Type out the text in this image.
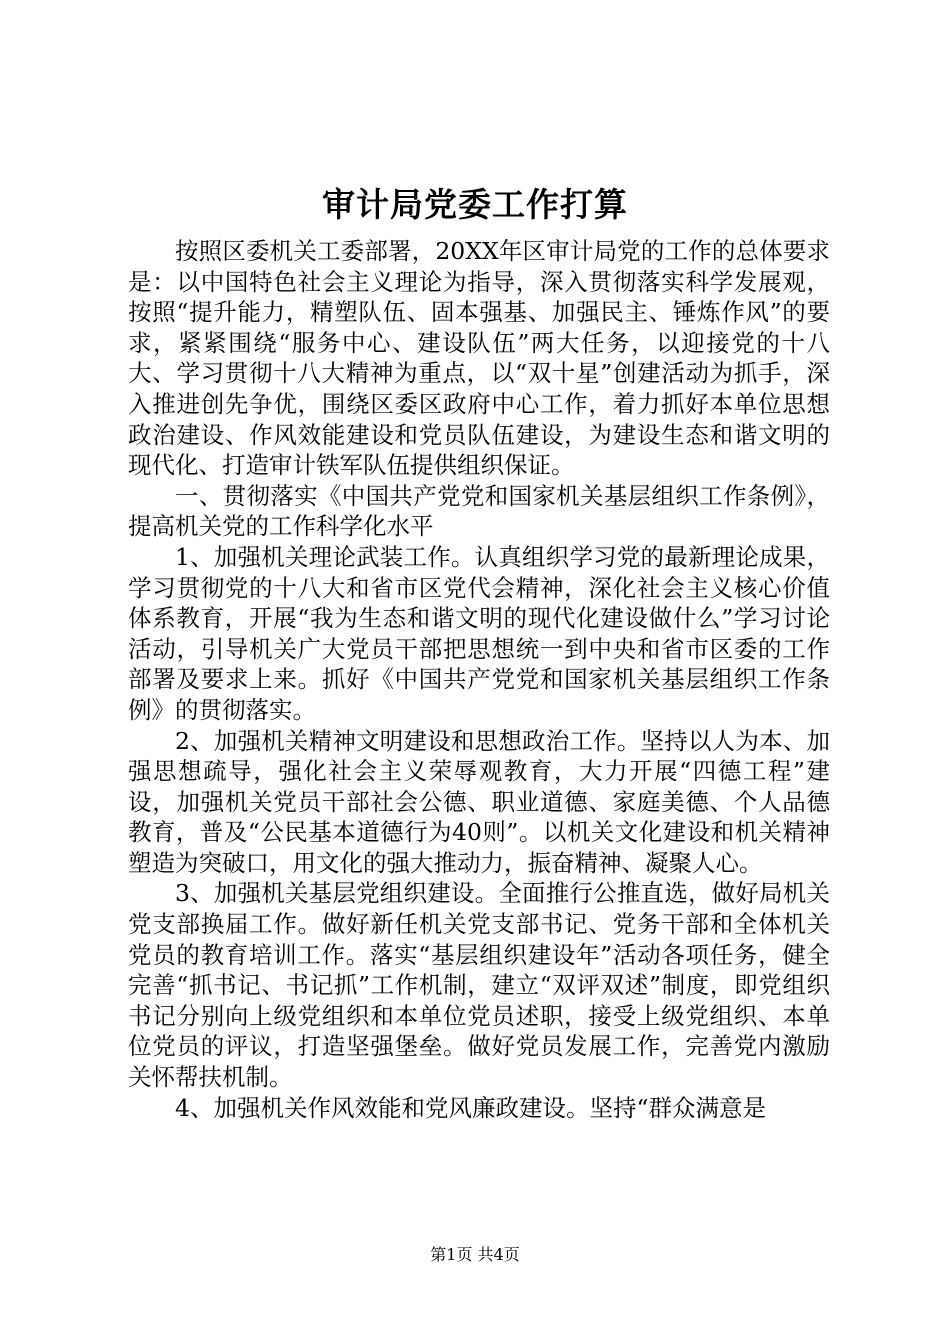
审计局党委工作打算

按照区委机关工委部署，20XX年区审计局党的工作的总体要求是：以中国特色社会主义理论为指导，深入贯彻落实科学发展观，按照“提升能力，精塑队伍、固本强基、加强民主、锤炼作风”的要求，紧紧围绕“服务中心、建设队伍”两大任务，以迎接党的十八大、学习贯彻十八大精神为重点，以“双十星”创建活动为抓手，深入推进创先争优，围绕区委区政府中心工作，着力抓好本单位思想政治建设、作风效能建设和党员队伍建设，为建设生态和谐文明的现代化、打造审计铁军队伍提供组织保证。

一、贯彻落实《中国共产党党和国家机关基层组织工作条例》，提高机关党的工作科学化水平

1、加强机关理论武装工作。认真组织学习党的最新理论成果，学习贯彻党的十八大和省市区党代会精神，深化社会主义核心价值体系教育，开展“我为生态和谐文明的现代化建设做什么”学习讨论活动，引导机关广大党员干部把思想统一到中央和省市区委的工作部署及要求上来。抓好《中国共产党党和国家机关基层组织工作条例》的贯彻落实。

2、加强机关精神文明建设和思想政治工作。坚持以人为本、加强思想疏导，强化社会主义荣辱观教育，大力开展“四德工程”建设，加强机关党员干部社会公德、职业道德、家庭美德、个人品德教育，普及“公民基本道德行为40则”。以机关文化建设和机关精神塑造为突破口，用文化的强大推动力，振奋精神、凝聚人心。

3、加强机关基层党组织建设。全面推行公推直选，做好局机关党支部换届工作。做好新任机关党支部书记、党务干部和全体机关党员的教育培训工作。落实“基层组织建设年”活动各项任务，健全完善“抓书记、书记抓”工作机制，建立“双评双述”制度，即党组织书记分别向上级党组织和本单位党员述职，接受上级党组织、本单位党员的评议，打造坚强堡垒。做好党员发展工作，完善党内激励关怀帮扶机制。

4、加强机关作风效能和党风廉政建设。坚持“群众满意是

第1页 共4页
